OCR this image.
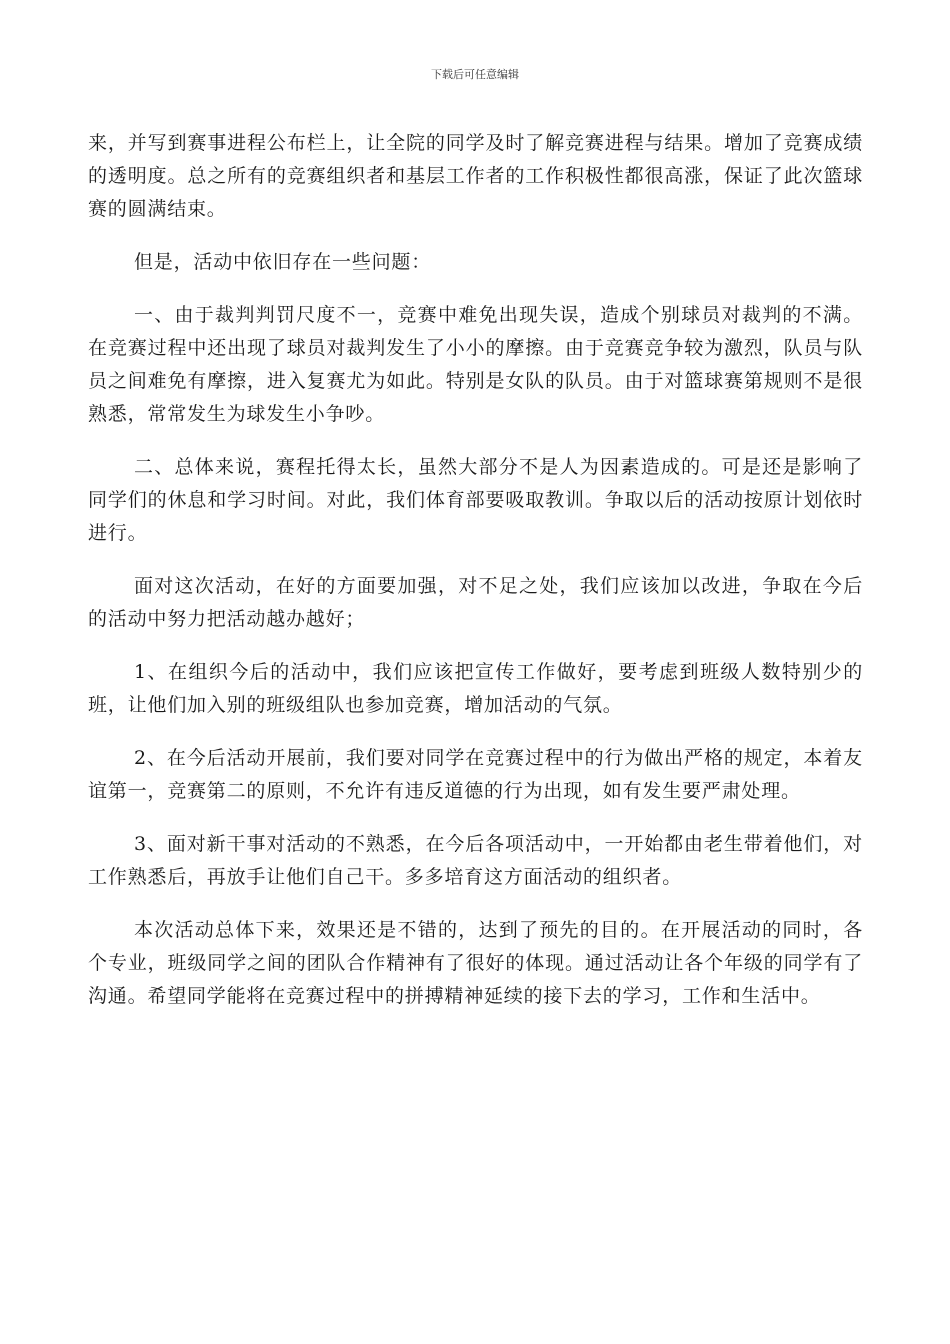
下载后可任意编辑

来，并写到赛事进程公布栏上，让全院的同学及时了解竞赛进程与结果。增加了竞赛成绩的透明度。总之所有的竞赛组织者和基层工作者的工作积极性都很高涨，保证了此次篮球赛的圆满结束。

但是，活动中依旧存在一些问题：

一、由于裁判判罚尺度不一，竞赛中难免出现失误，造成个别球员对裁判的不满。在竞赛过程中还出现了球员对裁判发生了小小的摩擦。由于竞赛竞争较为激烈，队员与队员之间难免有摩擦，进入复赛尤为如此。特别是女队的队员。由于对篮球赛第规则不是很熟悉，常常发生为球发生小争吵。

二、总体来说，赛程托得太长，虽然大部分不是人为因素造成的。可是还是影响了同学们的休息和学习时间。对此，我们体育部要吸取教训。争取以后的活动按原计划依时进行。

面对这次活动，在好的方面要加强，对不足之处，我们应该加以改进，争取在今后的活动中努力把活动越办越好；

1、在组织今后的活动中，我们应该把宣传工作做好，要考虑到班级人数特别少的班，让他们加入别的班级组队也参加竞赛，增加活动的气氛。

2、在今后活动开展前，我们要对同学在竞赛过程中的行为做出严格的规定，本着友谊第一，竞赛第二的原则，不允许有违反道德的行为出现，如有发生要严肃处理。

3、面对新干事对活动的不熟悉，在今后各项活动中，一开始都由老生带着他们，对工作熟悉后，再放手让他们自己干。多多培育这方面活动的组织者。

本次活动总体下来，效果还是不错的，达到了预先的目的。在开展活动的同时，各个专业，班级同学之间的团队合作精神有了很好的体现。通过活动让各个年级的同学有了沟通。希望同学能将在竞赛过程中的拼搏精神延续的接下去的学习，工作和生活中。
